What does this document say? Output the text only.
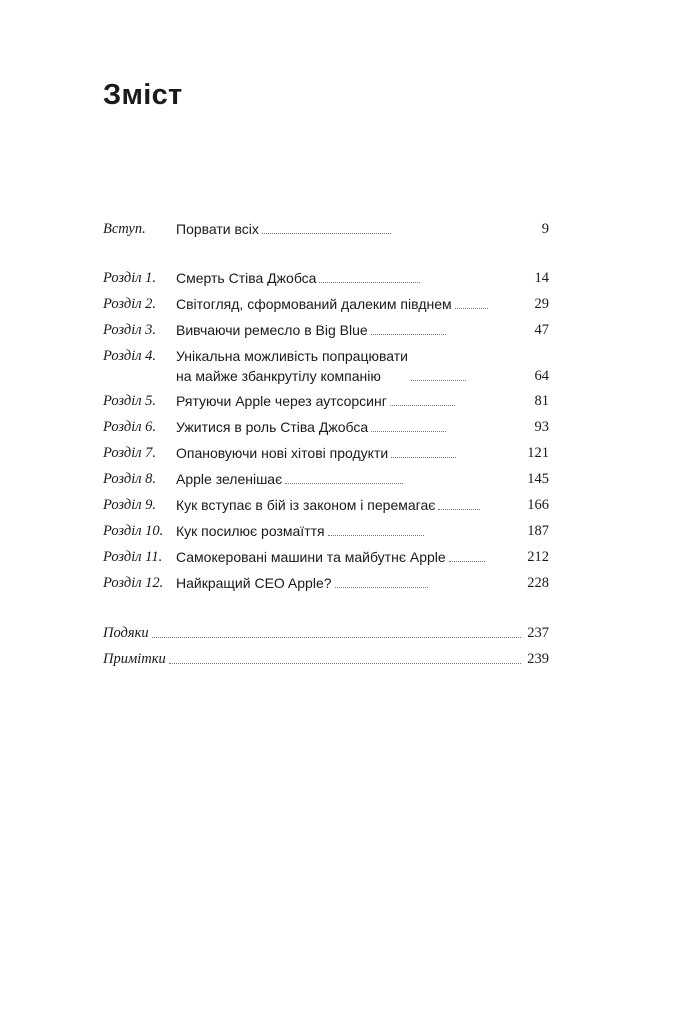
Зміст
Вступ. Порвати всіх	9
Розділ 1. Смерть Стіва Джобса	14
Розділ 2. Світогляд, сформований далеким півднем	29
Розділ 3. Вивчаючи ремесло в Big Blue	47
Розділ 4. Унікальна можливість попрацювати
на майже збанкрутілу компанію	64
Розділ 5. Рятуючи Apple через аутсорсинг	81
Розділ 6. Ужитися в роль Стіва Джобса	93
Розділ 7. Опановуючи нові хітові продукти	121
Розділ 8. Apple зеленішає	145
Розділ 9. Кук вступає в бій із законом і перемагає	166
Розділ 10. Кук посилює розмаїття	187
Розділ 11. Самокеровані машини та майбутнє Apple	212
Розділ 12. Найкращий CEO Apple?	228
Подяки	237
Примітки	239
